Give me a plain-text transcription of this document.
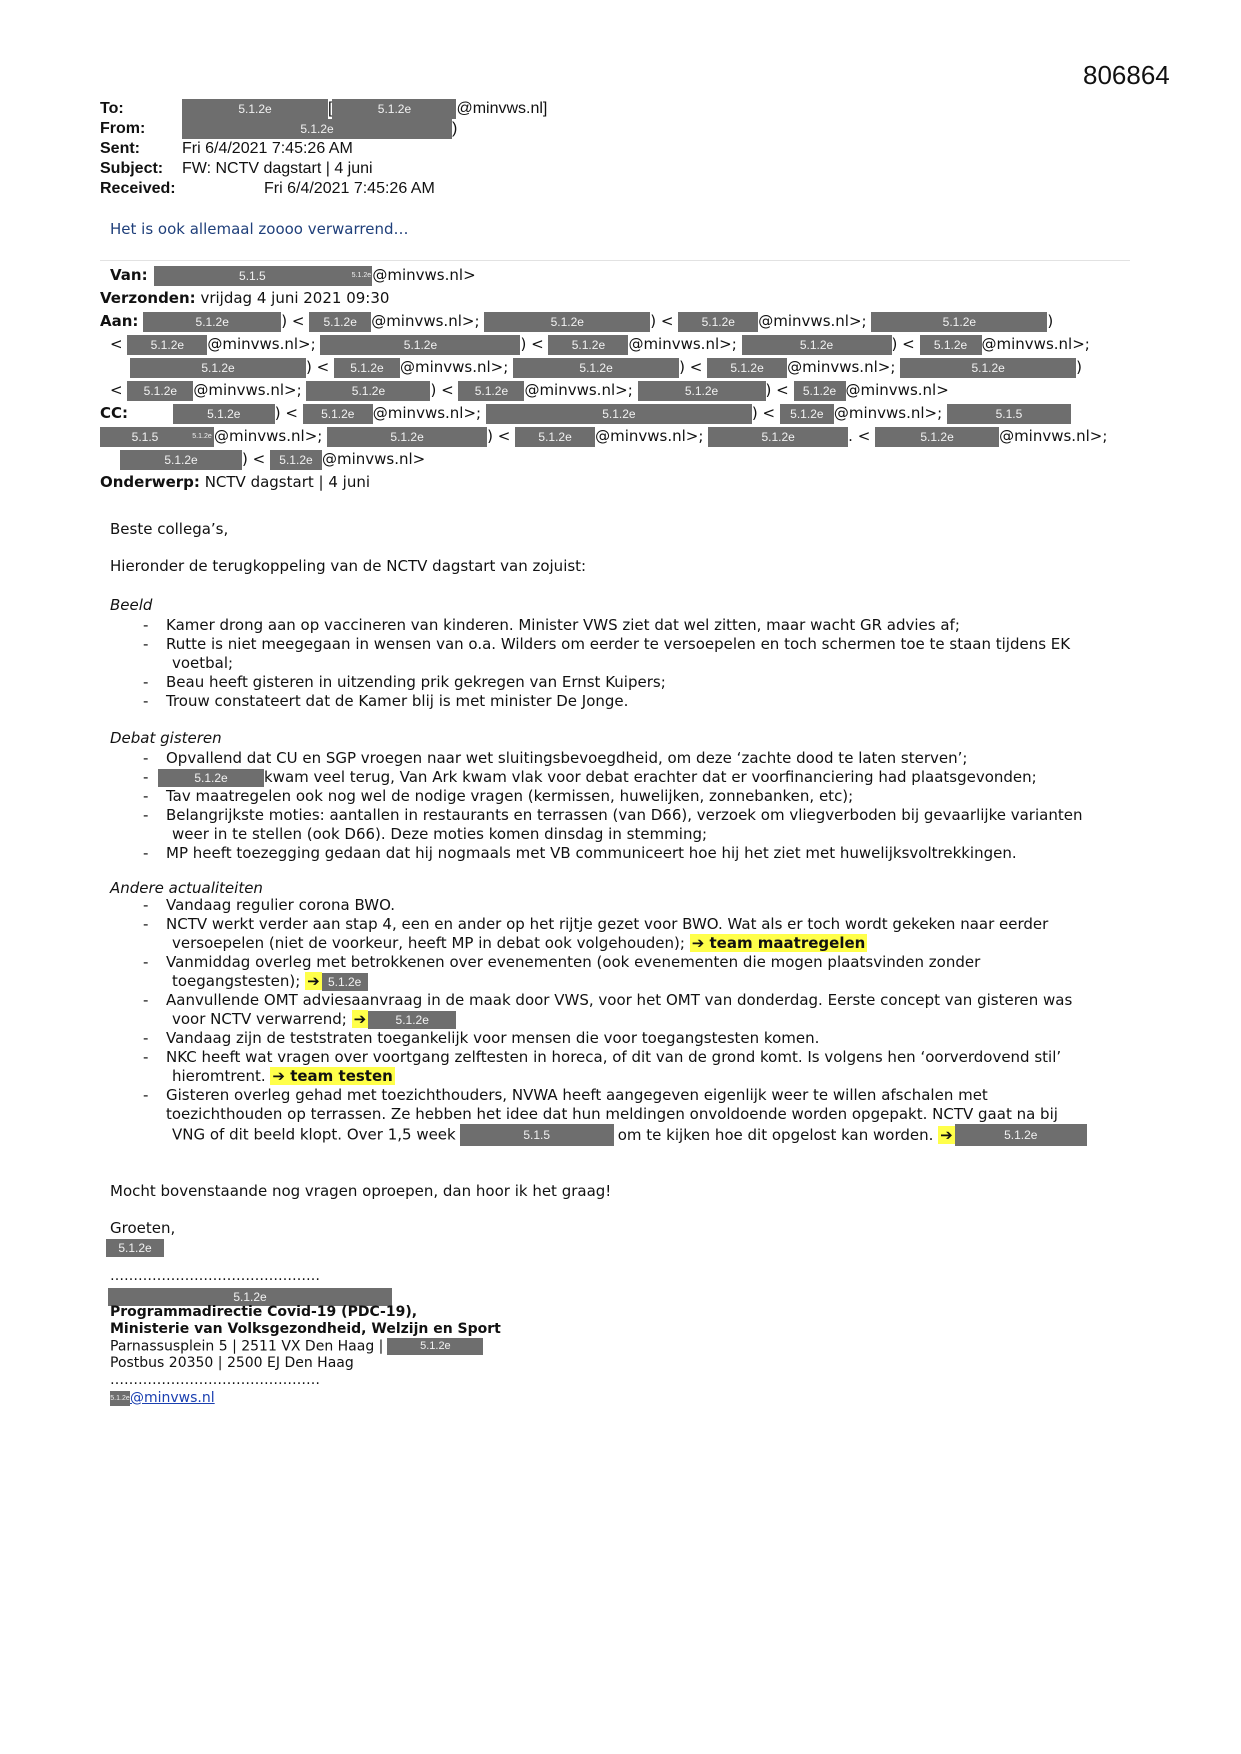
806864
To:	5.1.2e	[	5.1.2e	@minvws.nl]
From:	5.1.2e	)
Sent:	Fri 6/4/2021 7:45:26 AM
Subject: FW: NCTV dagstart | 4 juni
Received:	Fri 6/4/2021 7:45:26 AM
Het is ook allemaal zoooo verwarrend…
Van:	5.1.5	5.1.2e@minvws.nl>
Verzonden: vrijdag 4 juni 2021 09:30
Aan:	5.1.2e	) < 5.1.2e @minvws.nl>;	5.1.2e	) < 5.1.2e @minvws.nl>;	5.1.2e	)
< 5.1.2e @minvws.nl>;	5.1.2e	) < 5.1.2e @minvws.nl>;	5.1.2e	) < 5.1.2e @minvws.nl>;
5.1.2e	) < 5.1.2e @minvws.nl>;	5.1.2e	) < 5.1.2e @minvws.nl>;	5.1.2e	)
< 5.1.2e @minvws.nl>;	5.1.2e	) < 5.1.2e @minvws.nl>;	5.1.2e	) < 5.1.2e @minvws.nl>
CC:	5.1.2e ) < 5.1.2e @minvws.nl>;	5.1.2e	) < 5.1.2e @minvws.nl>;	5.1.5
5.1.5	5.1.2e @minvws.nl>;	5.1.2e	) < 5.1.2e @minvws.nl>;	5.1.2e	. <	5.1.2e	@minvws.nl>;
5.1.2e	) < 5.1.2e @minvws.nl>
Onderwerp: NCTV dagstart | 4 juni
Beste collega’s,
Hieronder de terugkoppeling van de NCTV dagstart van zojuist:
Beeld
- Kamer drong aan op vaccineren van kinderen. Minister VWS ziet dat wel zitten, maar wacht GR advies af;
- Rutte is niet meegegaan in wensen van o.a. Wilders om eerder te versoepelen en toch schermen toe te staan tijdens EK
voetbal;
- Beau heeft gisteren in uitzending prik gekregen van Ernst Kuipers;
- Trouw constateert dat de Kamer blij is met minister De Jonge.
Debat gisteren
- Opvallend dat CU en SGP vroegen naar wet sluitingsbevoegdheid, om deze ‘zachte dood te laten sterven’;
- 5.1.2e kwam veel terug, Van Ark kwam vlak voor debat erachter dat er voorfinanciering had plaatsgevonden;
- Tav maatregelen ook nog wel de nodige vragen (kermissen, huwelijken, zonnebanken, etc);
- Belangrijkste moties: aantallen in restaurants en terrassen (van D66), verzoek om vliegverboden bij gevaarlijke varianten
weer in te stellen (ook D66). Deze moties komen dinsdag in stemming;
- MP heeft toezegging gedaan dat hij nogmaals met VB communiceert hoe hij het ziet met huwelijksvoltrekkingen.
Andere actualiteiten
- Vandaag regulier corona BWO.
- NCTV werkt verder aan stap 4, een en ander op het rijtje gezet voor BWO. Wat als er toch wordt gekeken naar eerder
versoepelen (niet de voorkeur, heeft MP in debat ook volgehouden); ➔ team maatregelen
- Vanmiddag overleg met betrokkenen over evenementen (ook evenementen die mogen plaatsvinden zonder
toegangstesten); ➔ 5.1.2e
- Aanvullende OMT adviesaanvraag in de maak door VWS, voor het OMT van donderdag. Eerste concept van gisteren was
voor NCTV verwarrend; ➔ 5.1.2e
- Vandaag zijn de teststraten toegankelijk voor mensen die voor toegangstesten komen.
- NKC heeft wat vragen over voortgang zelftesten in horeca, of dit van de grond komt. Is volgens hen ‘oorverdovend stil’
hieromtrent. ➔ team testen
- Gisteren overleg gehad met toezichthouders, NVWA heeft aangegeven eigenlijk weer te willen afschalen met
toezichthouden op terrassen. Ze hebben het idee dat hun meldingen onvoldoende worden opgepakt. NCTV gaat na bij
VNG of dit beeld klopt. Over 1,5 week	5.1.5	om te kijken hoe dit opgelost kan worden. ➔	5.1.2e
Mocht bovenstaande nog vragen oproepen, dan hoor ik het graag!
Groeten,
5.1.2e
………………………………………
5.1.2e
Programmadirectie Covid-19 (PDC-19),
Ministerie van Volksgezondheid, Welzijn en Sport
Parnassusplein 5 | 2511 VX Den Haag |	5.1.2e
Postbus 20350 | 2500 EJ Den Haag
………………………………………
5.1.2e@minvws.nl
